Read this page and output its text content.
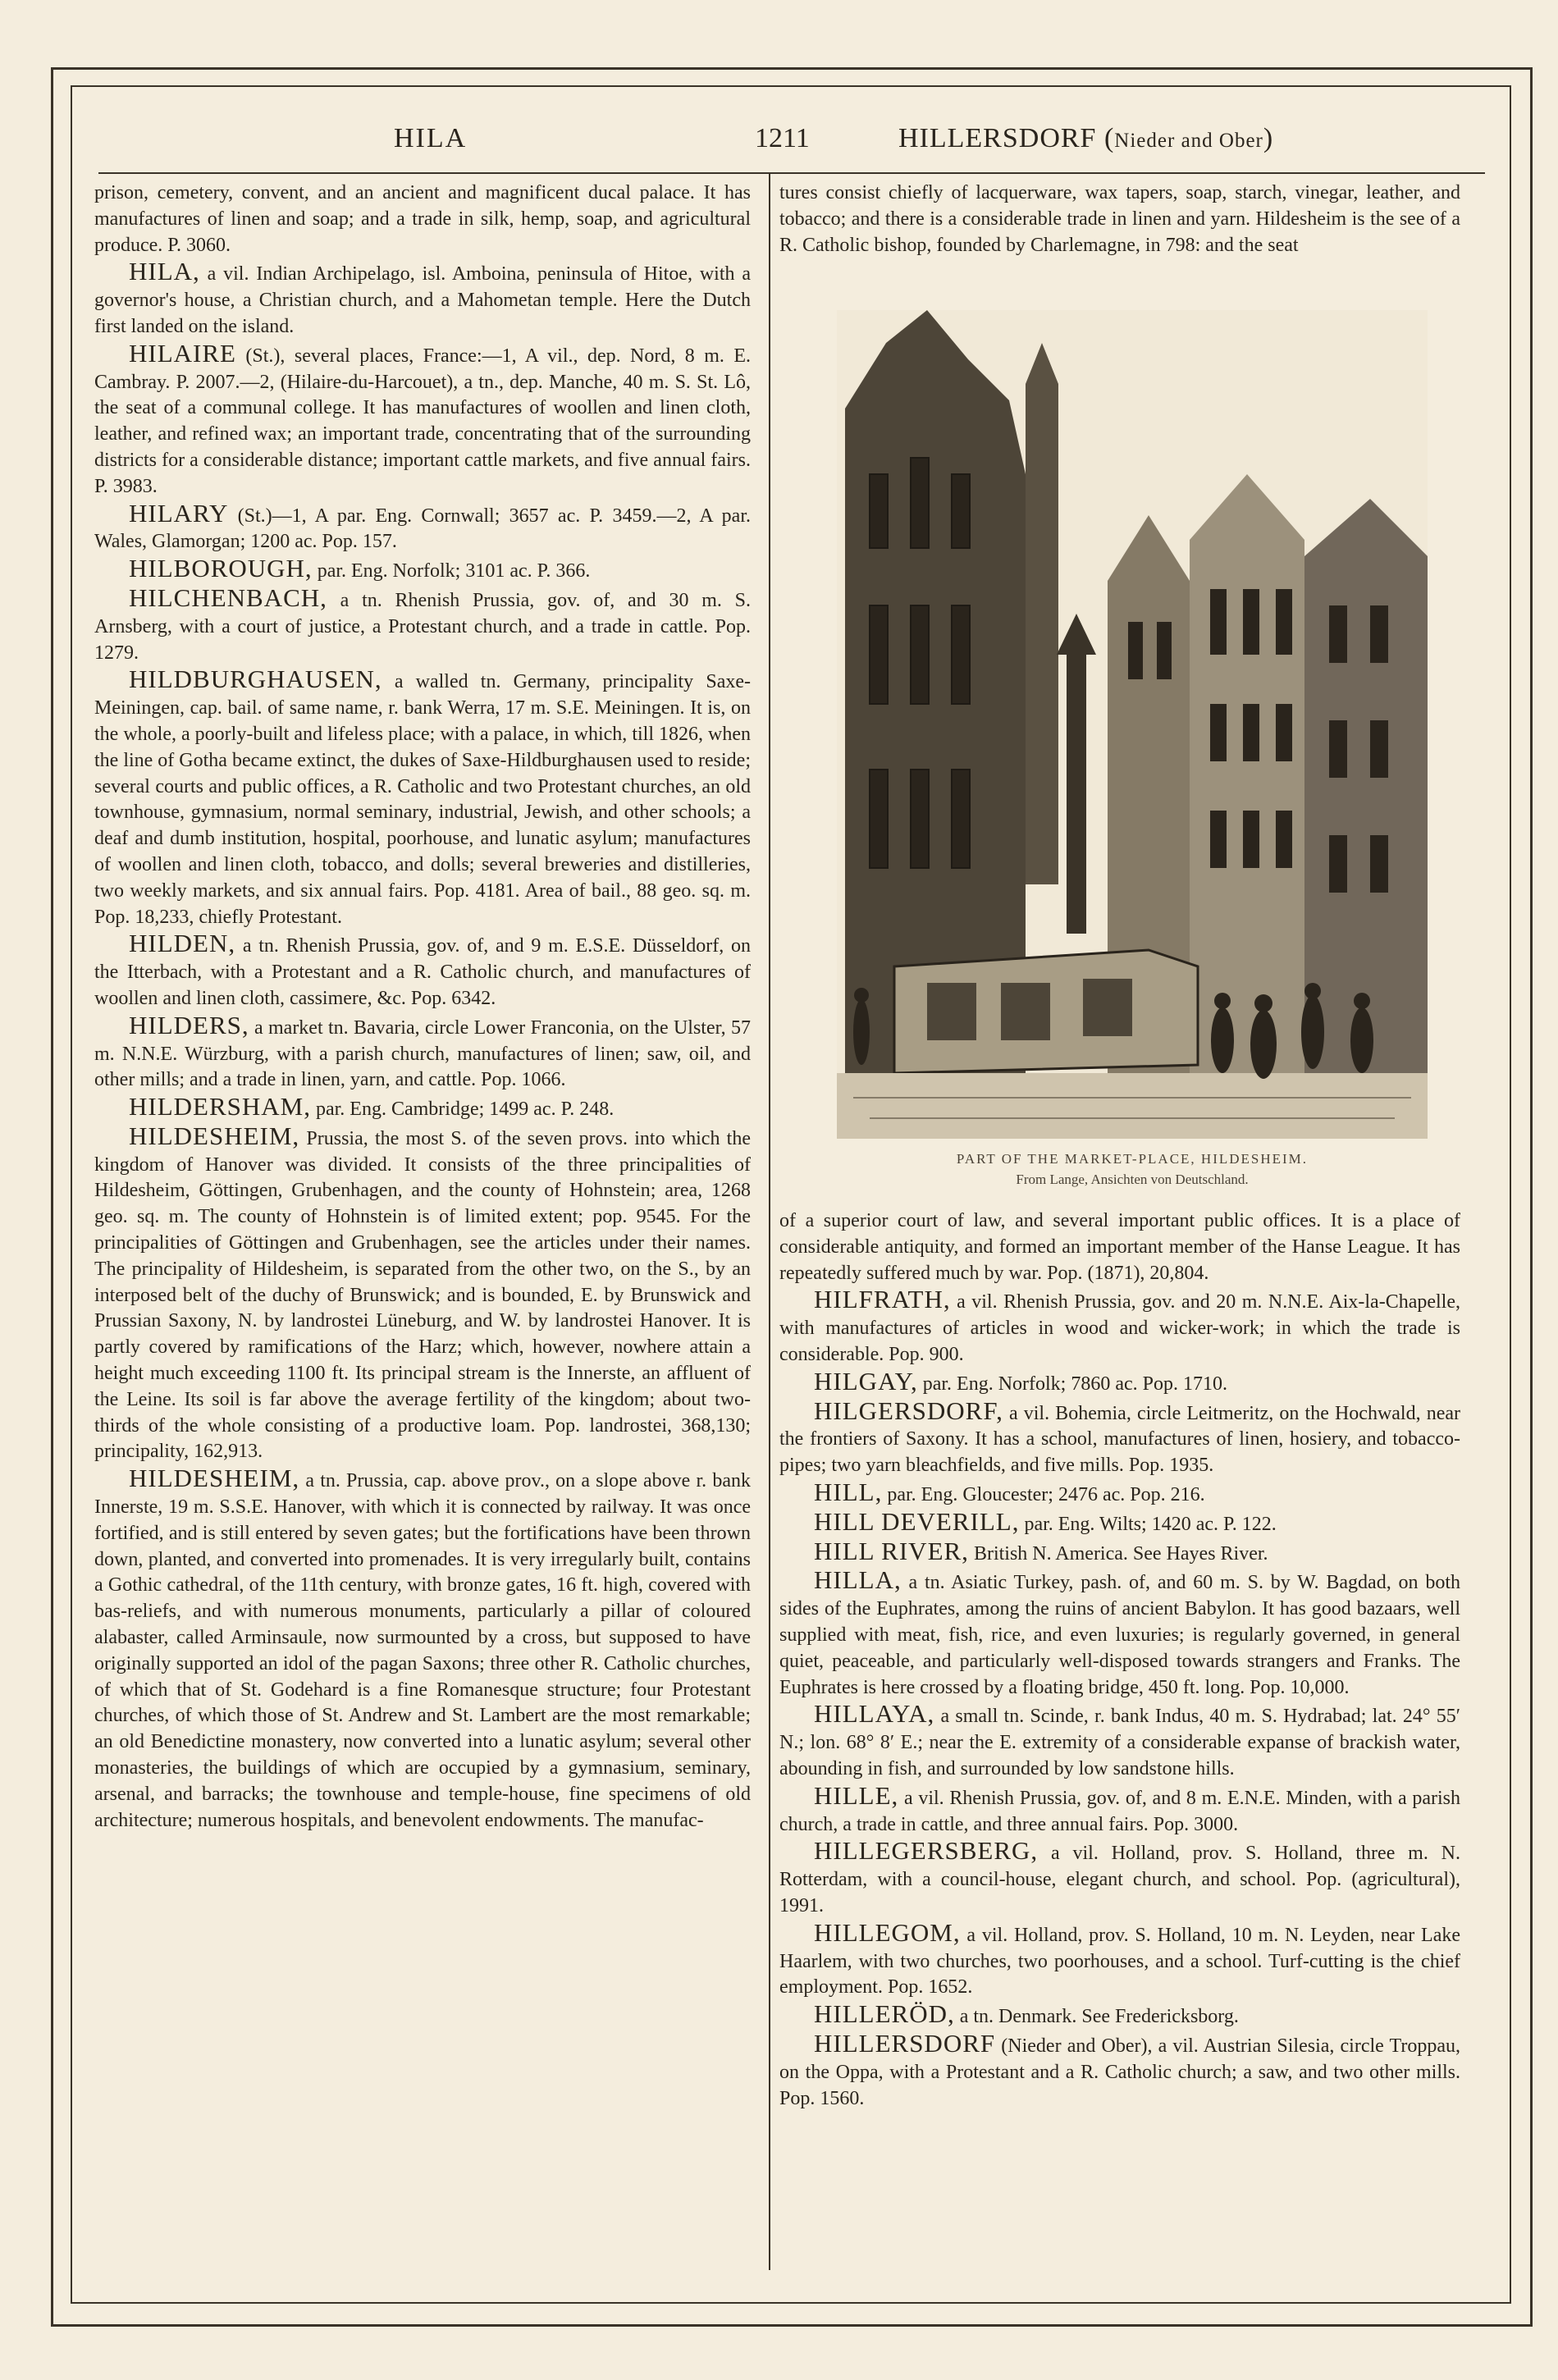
HILA	1211	HILLERSDORF (Nieder and Ober)

prison, cemetery, convent, and an ancient and magnificent ducal palace. It has manufactures of linen and soap; and a trade in silk, hemp, soap, and agricultural produce. P. 3060.

HILA, a vil. Indian Archipelago, isl. Amboina, peninsula of Hitoe, with a governor's house, a Christian church, and a Mahometan temple. Here the Dutch first landed on the island.

HILAIRE (St.), several places, France:—1, A vil., dep. Nord, 8 m. E. Cambray. P. 2007.—2, (Hilaire-du-Harcouet), a tn., dep. Manche, 40 m. S. St. Lô, the seat of a communal college. It has manufactures of woollen and linen cloth, leather, and refined wax; an important trade, concentrating that of the surrounding districts for a considerable distance; important cattle markets, and five annual fairs. P. 3983.

HILARY (St.)—1, A par. Eng. Cornwall; 3657 ac. P. 3459.—2, A par. Wales, Glamorgan; 1200 ac. Pop. 157.

HILBOROUGH, par. Eng. Norfolk; 3101 ac. P. 366.

HILCHENBACH, a tn. Rhenish Prussia, gov. of, and 30 m. S. Arnsberg, with a court of justice, a Protestant church, and a trade in cattle. Pop. 1279.

HILDBURGHAUSEN, a walled tn. Germany, principality Saxe-Meiningen, cap. bail. of same name, r. bank Werra, 17 m. S.E. Meiningen. It is, on the whole, a poorly-built and lifeless place; with a palace, in which, till 1826, when the line of Gotha became extinct, the dukes of Saxe-Hildburghausen used to reside; several courts and public offices, a R. Catholic and two Protestant churches, an old townhouse, gymnasium, normal seminary, industrial, Jewish, and other schools; a deaf and dumb institution, hospital, poorhouse, and lunatic asylum; manufactures of woollen and linen cloth, tobacco, and dolls; several breweries and distilleries, two weekly markets, and six annual fairs. Pop. 4181. Area of bail., 88 geo. sq. m. Pop. 18,233, chiefly Protestant.

HILDEN, a tn. Rhenish Prussia, gov. of, and 9 m. E.S.E. Düsseldorf, on the Itterbach, with a Protestant and a R. Catholic church, and manufactures of woollen and linen cloth, cassimere, &c. Pop. 6342.

HILDERS, a market tn. Bavaria, circle Lower Franconia, on the Ulster, 57 m. N.N.E. Würzburg, with a parish church, manufactures of linen; saw, oil, and other mills; and a trade in linen, yarn, and cattle. Pop. 1066.

HILDERSHAM, par. Eng. Cambridge; 1499 ac. P. 248.

HILDESHEIM, Prussia, the most S. of the seven provs. into which the kingdom of Hanover was divided. It consists of the three principalities of Hildesheim, Göttingen, Grubenhagen, and the county of Hohnstein; area, 1268 geo. sq. m. The county of Hohnstein is of limited extent; pop. 9545. For the principalities of Göttingen and Grubenhagen, see the articles under their names. The principality of Hildesheim, is separated from the other two, on the S., by an interposed belt of the duchy of Brunswick; and is bounded, E. by Brunswick and Prussian Saxony, N. by landrostei Lüneburg, and W. by landrostei Hanover. It is partly covered by ramifications of the Harz; which, however, nowhere attain a height much exceeding 1100 ft. Its principal stream is the Innerste, an affluent of the Leine. Its soil is far above the average fertility of the kingdom; about two-thirds of the whole consisting of a productive loam. Pop. landrostei, 368,130; principality, 162,913.

HILDESHEIM, a tn. Prussia, cap. above prov., on a slope above r. bank Innerste, 19 m. S.S.E. Hanover, with which it is connected by railway. It was once fortified, and is still entered by seven gates; but the fortifications have been thrown down, planted, and converted into promenades. It is very irregularly built, contains a Gothic cathedral, of the 11th century, with bronze gates, 16 ft. high, covered with bas-reliefs, and with numerous monuments, particularly a pillar of coloured alabaster, called Arminsaule, now surmounted by a cross, but supposed to have originally supported an idol of the pagan Saxons; three other R. Catholic churches, of which that of St. Godehard is a fine Romanesque structure; four Protestant churches, of which those of St. Andrew and St. Lambert are the most remarkable; an old Benedictine monastery, now converted into a lunatic asylum; several other monasteries, the buildings of which are occupied by a gymnasium, seminary, arsenal, and barracks; the townhouse and temple-house, fine specimens of old architecture; numerous hospitals, and benevolent endowments. The manufac-

tures consist chiefly of lacquerware, wax tapers, soap, starch, vinegar, leather, and tobacco; and there is a considerable trade in linen and yarn. Hildesheim is the see of a R. Catholic bishop, founded by Charlemagne, in 798: and the seat

PART OF THE MARKET-PLACE, HILDESHEIM.
From Lange, Ansichten von Deutschland.

of a superior court of law, and several important public offices. It is a place of considerable antiquity, and formed an important member of the Hanse League. It has repeatedly suffered much by war. Pop. (1871), 20,804.

HILFRATH, a vil. Rhenish Prussia, gov. and 20 m. N.N.E. Aix-la-Chapelle, with manufactures of articles in wood and wicker-work; in which the trade is considerable. Pop. 900.

HILGAY, par. Eng. Norfolk; 7860 ac. Pop. 1710.

HILGERSDORF, a vil. Bohemia, circle Leitmeritz, on the Hochwald, near the frontiers of Saxony. It has a school, manufactures of linen, hosiery, and tobacco-pipes; two yarn bleachfields, and five mills. Pop. 1935.

HILL, par. Eng. Gloucester; 2476 ac. Pop. 216.

HILL DEVERILL, par. Eng. Wilts; 1420 ac. P. 122.

HILL RIVER, British N. America. See Hayes River.

HILLA, a tn. Asiatic Turkey, pash. of, and 60 m. S. by W. Bagdad, on both sides of the Euphrates, among the ruins of ancient Babylon. It has good bazaars, well supplied with meat, fish, rice, and even luxuries; is regularly governed, in general quiet, peaceable, and particularly well-disposed towards strangers and Franks. The Euphrates is here crossed by a floating bridge, 450 ft. long. Pop. 10,000.

HILLAYA, a small tn. Scinde, r. bank Indus, 40 m. S. Hydrabad; lat. 24° 55′ N.; lon. 68° 8′ E.; near the E. extremity of a considerable expanse of brackish water, abounding in fish, and surrounded by low sandstone hills.

HILLE, a vil. Rhenish Prussia, gov. of, and 8 m. E.N.E. Minden, with a parish church, a trade in cattle, and three annual fairs. Pop. 3000.

HILLEGERSBERG, a vil. Holland, prov. S. Holland, three m. N. Rotterdam, with a council-house, elegant church, and school. Pop. (agricultural), 1991.

HILLEGOM, a vil. Holland, prov. S. Holland, 10 m. N. Leyden, near Lake Haarlem, with two churches, two poorhouses, and a school. Turf-cutting is the chief employment. Pop. 1652.

HILLERÖD, a tn. Denmark. See Fredericksborg.

HILLERSDORF (Nieder and Ober), a vil. Austrian Silesia, circle Troppau, on the Oppa, with a Protestant and a R. Catholic church; a saw, and two other mills. Pop. 1560.
